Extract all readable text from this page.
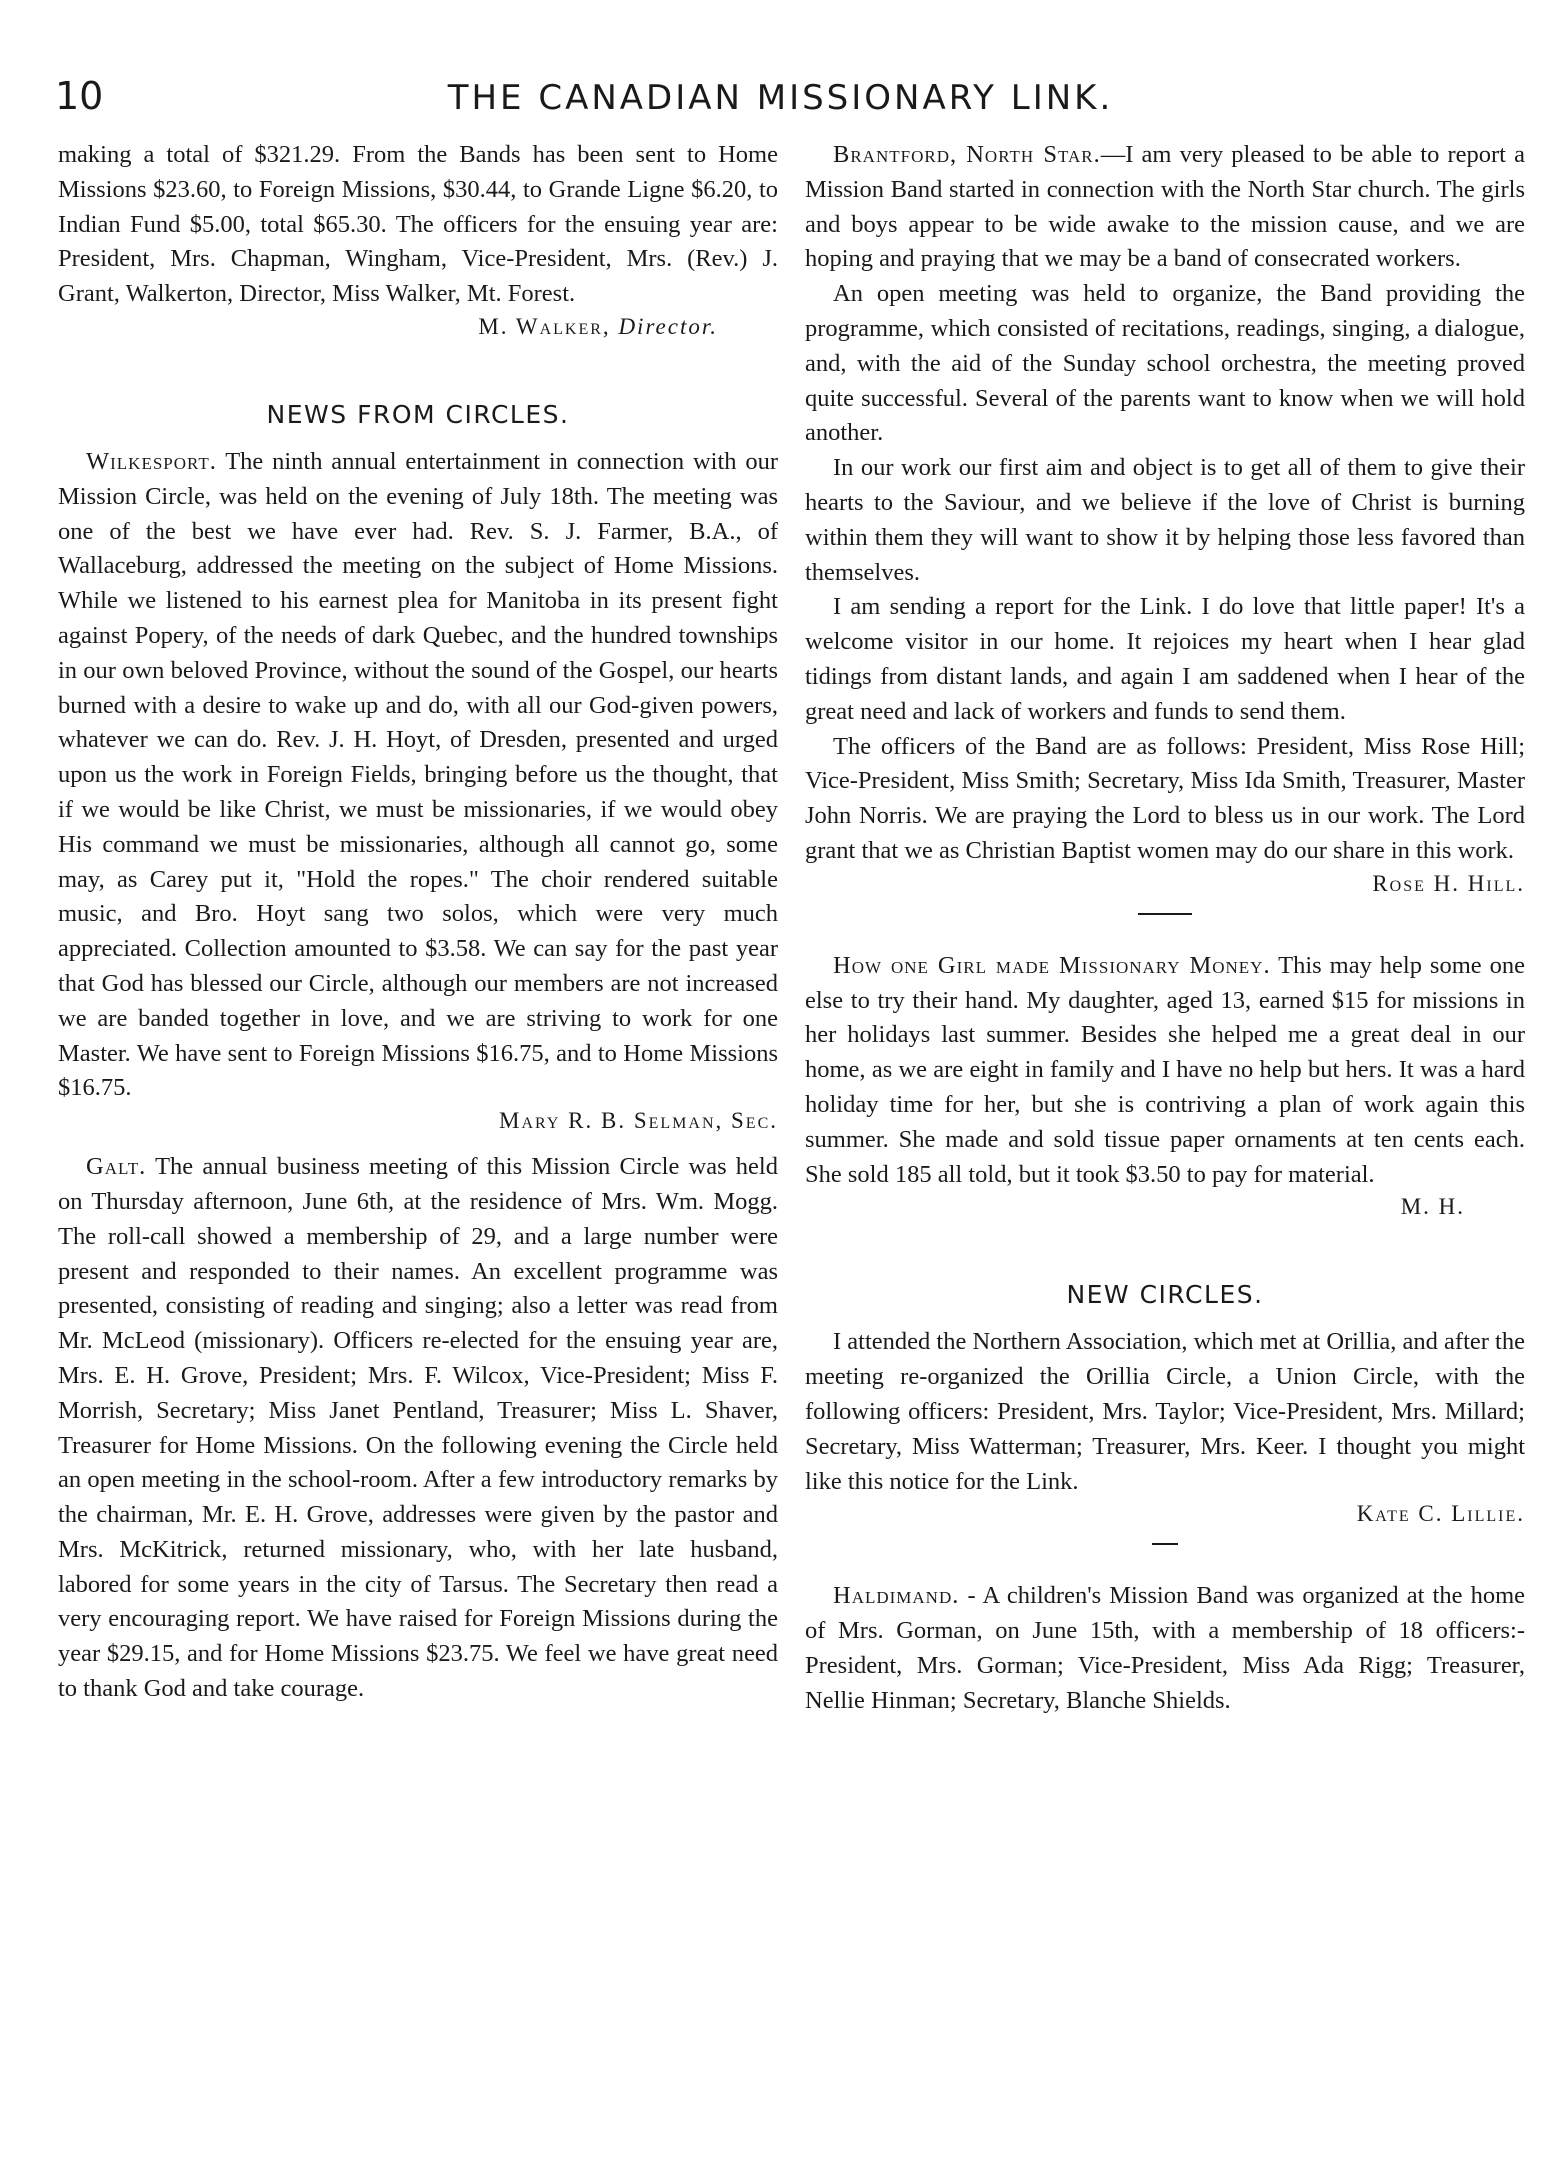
10	THE CANADIAN MISSIONARY LINK.

making a total of $321.29. From the Bands has been sent to Home Missions $23.60, to Foreign Missions, $30.44, to Grande Ligne $6.20, to Indian Fund $5.00, total $65.30. The officers for the ensuing year are: President, Mrs. Chapman, Wingham, Vice-President, Mrs. (Rev.) J. Grant, Walkerton, Director, Miss Walker, Mt. Forest.

M. Walker, Director.
NEWS FROM CIRCLES.

Wilkesport. The ninth annual entertainment in connection with our Mission Circle, was held on the evening of July 18th. The meeting was one of the best we have ever had. Rev. S. J. Farmer, B.A., of Wallaceburg, addressed the meeting on the subject of Home Missions. While we listened to his earnest plea for Manitoba in its present fight against Popery, of the needs of dark Quebec, and the hundred townships in our own beloved Province, without the sound of the Gospel, our hearts burned with a desire to wake up and do, with all our God-given powers, whatever we can do. Rev. J. H. Hoyt, of Dresden, presented and urged upon us the work in Foreign Fields, bringing before us the thought, that if we would be like Christ, we must be missionaries, if we would obey His command we must be missionaries, although all cannot go, some may, as Carey put it, "Hold the ropes." The choir rendered suitable music, and Bro. Hoyt sang two solos, which were very much appreciated. Collection amounted to $3.58. We can say for the past year that God has blessed our Circle, although our members are not increased we are banded together in love, and we are striving to work for one Master. We have sent to Foreign Missions $16.75, and to Home Missions $16.75.

Mary R. B. Selman, Sec.

Galt. The annual business meeting of this Mission Circle was held on Thursday afternoon, June 6th, at the residence of Mrs. Wm. Mogg. The roll-call showed a membership of 29, and a large number were present and responded to their names. An excellent programme was presented, consisting of reading and singing; also a letter was read from Mr. McLeod (missionary). Officers re-elected for the ensuing year are, Mrs. E. H. Grove, President; Mrs. F. Wilcox, Vice-President; Miss F. Morrish, Secretary; Miss Janet Pentland, Treasurer; Miss L. Shaver, Treasurer for Home Missions. On the following evening the Circle held an open meeting in the school-room. After a few introductory remarks by the chairman, Mr. E. H. Grove, addresses were given by the pastor and Mrs. McKitrick, returned missionary, who, with her late husband, labored for some years in the city of Tarsus. The Secretary then read a very encouraging report. We have raised for Foreign Missions during the year $29.15, and for Home Missions $23.75. We feel we have great need to thank God and take courage.

Brantford, North Star.—I am very pleased to be able to report a Mission Band started in connection with the North Star church. The girls and boys appear to be wide awake to the mission cause, and we are hoping and praying that we may be a band of consecrated workers.

An open meeting was held to organize, the Band providing the programme, which consisted of recitations, readings, singing, a dialogue, and, with the aid of the Sunday school orchestra, the meeting proved quite successful. Several of the parents want to know when we will hold another.

In our work our first aim and object is to get all of them to give their hearts to the Saviour, and we believe if the love of Christ is burning within them they will want to show it by helping those less favored than themselves.

I am sending a report for the Link. I do love that little paper! It's a welcome visitor in our home. It rejoices my heart when I hear glad tidings from distant lands, and again I am saddened when I hear of the great need and lack of workers and funds to send them.

The officers of the Band are as follows: President, Miss Rose Hill; Vice-President, Miss Smith; Secretary, Miss Ida Smith, Treasurer, Master John Norris. We are praying the Lord to bless us in our work. The Lord grant that we as Christian Baptist women may do our share in this work.

Rose H. Hill.

How one Girl made Missionary Money. This may help some one else to try their hand. My daughter, aged 13, earned $15 for missions in her holidays last summer. Besides she helped me a great deal in our home, as we are eight in family and I have no help but hers. It was a hard holiday time for her, but she is contriving a plan of work again this summer. She made and sold tissue paper ornaments at ten cents each. She sold 185 all told, but it took $3.50 to pay for material.

M. H.
NEW CIRCLES.

I attended the Northern Association, which met at Orillia, and after the meeting re-organized the Orillia Circle, a Union Circle, with the following officers: President, Mrs. Taylor; Vice-President, Mrs. Millard; Secretary, Miss Watterman; Treasurer, Mrs. Keer. I thought you might like this notice for the Link.

Kate C. Lillie.

Haldimand. - A children's Mission Band was organized at the home of Mrs. Gorman, on June 15th, with a membership of 18 officers:- President, Mrs. Gorman; Vice-President, Miss Ada Rigg; Treasurer, Nellie Hinman; Secretary, Blanche Shields.
